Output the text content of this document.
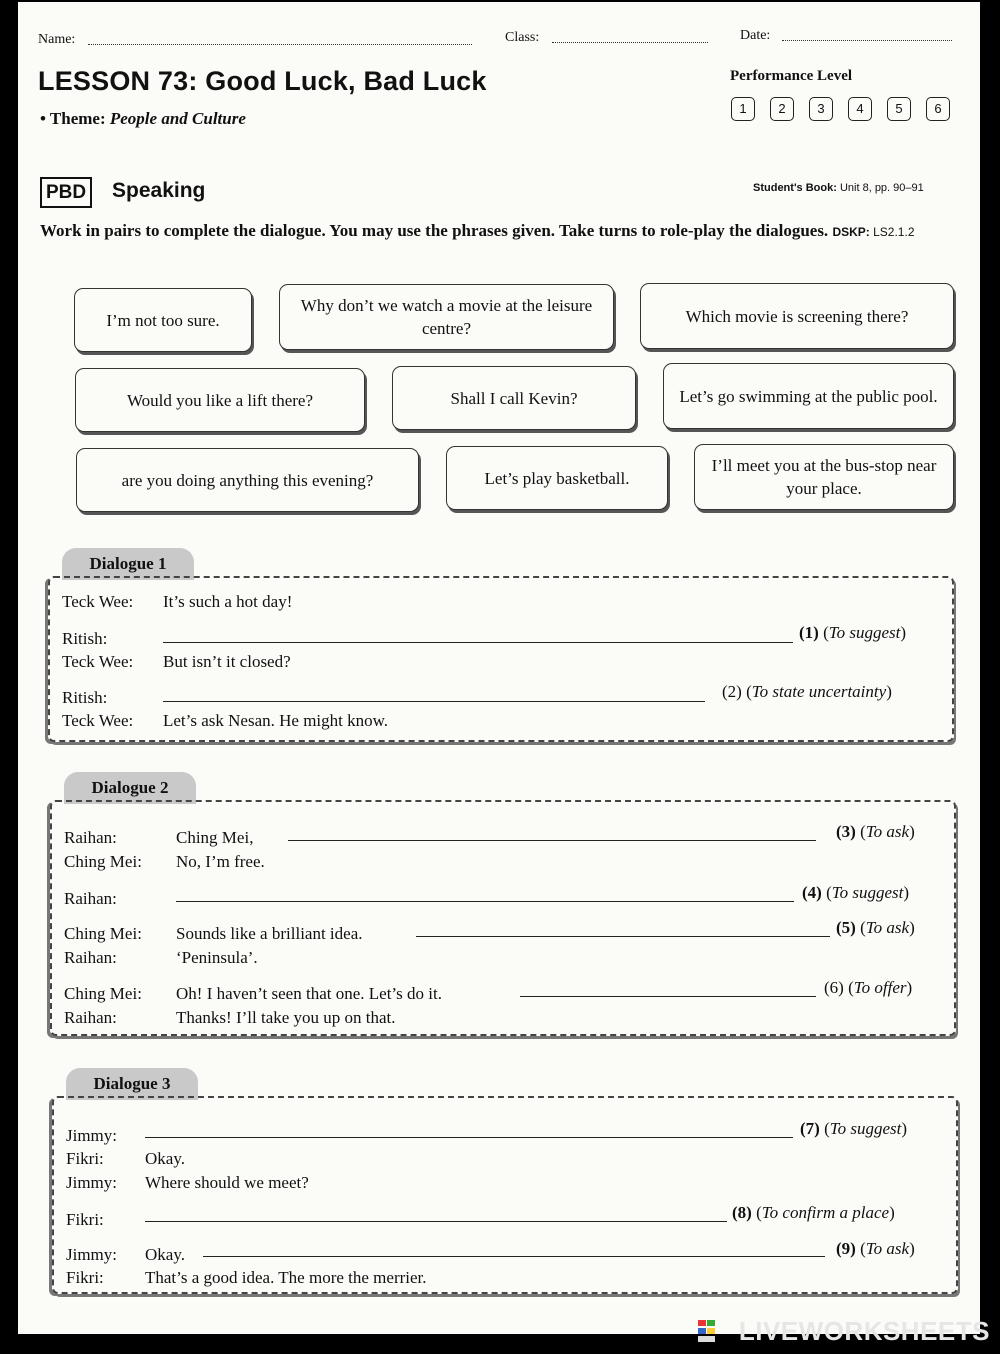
Name:	Class:	Date:
LESSON 73: Good Luck, Bad Luck
• Theme: People and Culture
Performance Level
1	2	3	4	5	6
PBD Speaking	Student's Book: Unit 8, pp. 90–91
Work in pairs to complete the dialogue. You may use the phrases given. Take turns to role-play the dialogues. DSKP: LS2.1.2
I’m not too sure.
Why don’t we watch a movie at the leisure centre?
Which movie is screening there?
Would you like a lift there?	Shall I call Kevin?	Let’s go swimming at the public pool.
are you doing anything this evening?	Let’s play basketball.
I’ll meet you at the bus-stop near your place.
Dialogue 1
Teck Wee: It’s such a hot day!
Ritish:	(1) (To suggest)
Teck Wee: But isn’t it closed?
Ritish:	(2) (To state uncertainty)
Teck Wee: Let’s ask Nesan. He might know.
Dialogue 2
Raihan:	Ching Mei,	(3) (To ask)
Ching Mei: No, I’m free.
Raihan:	(4) (To suggest)
Ching Mei: Sounds like a brilliant idea.	(5) (To ask)
Raihan:	‘Peninsula’.
Ching Mei: Oh! I haven’t seen that one. Let’s do it.	(6) (To offer)
Raihan:	Thanks! I’ll take you up on that.
Dialogue 3
Jimmy:	(7) (To suggest)
Fikri: Okay.
Jimmy: Where should we meet?
Fikri:	(8) (To confirm a place)
Jimmy: Okay.	(9) (To ask)
Fikri: That’s a good idea. The more the merrier.
LIVEWORKSHEETS
